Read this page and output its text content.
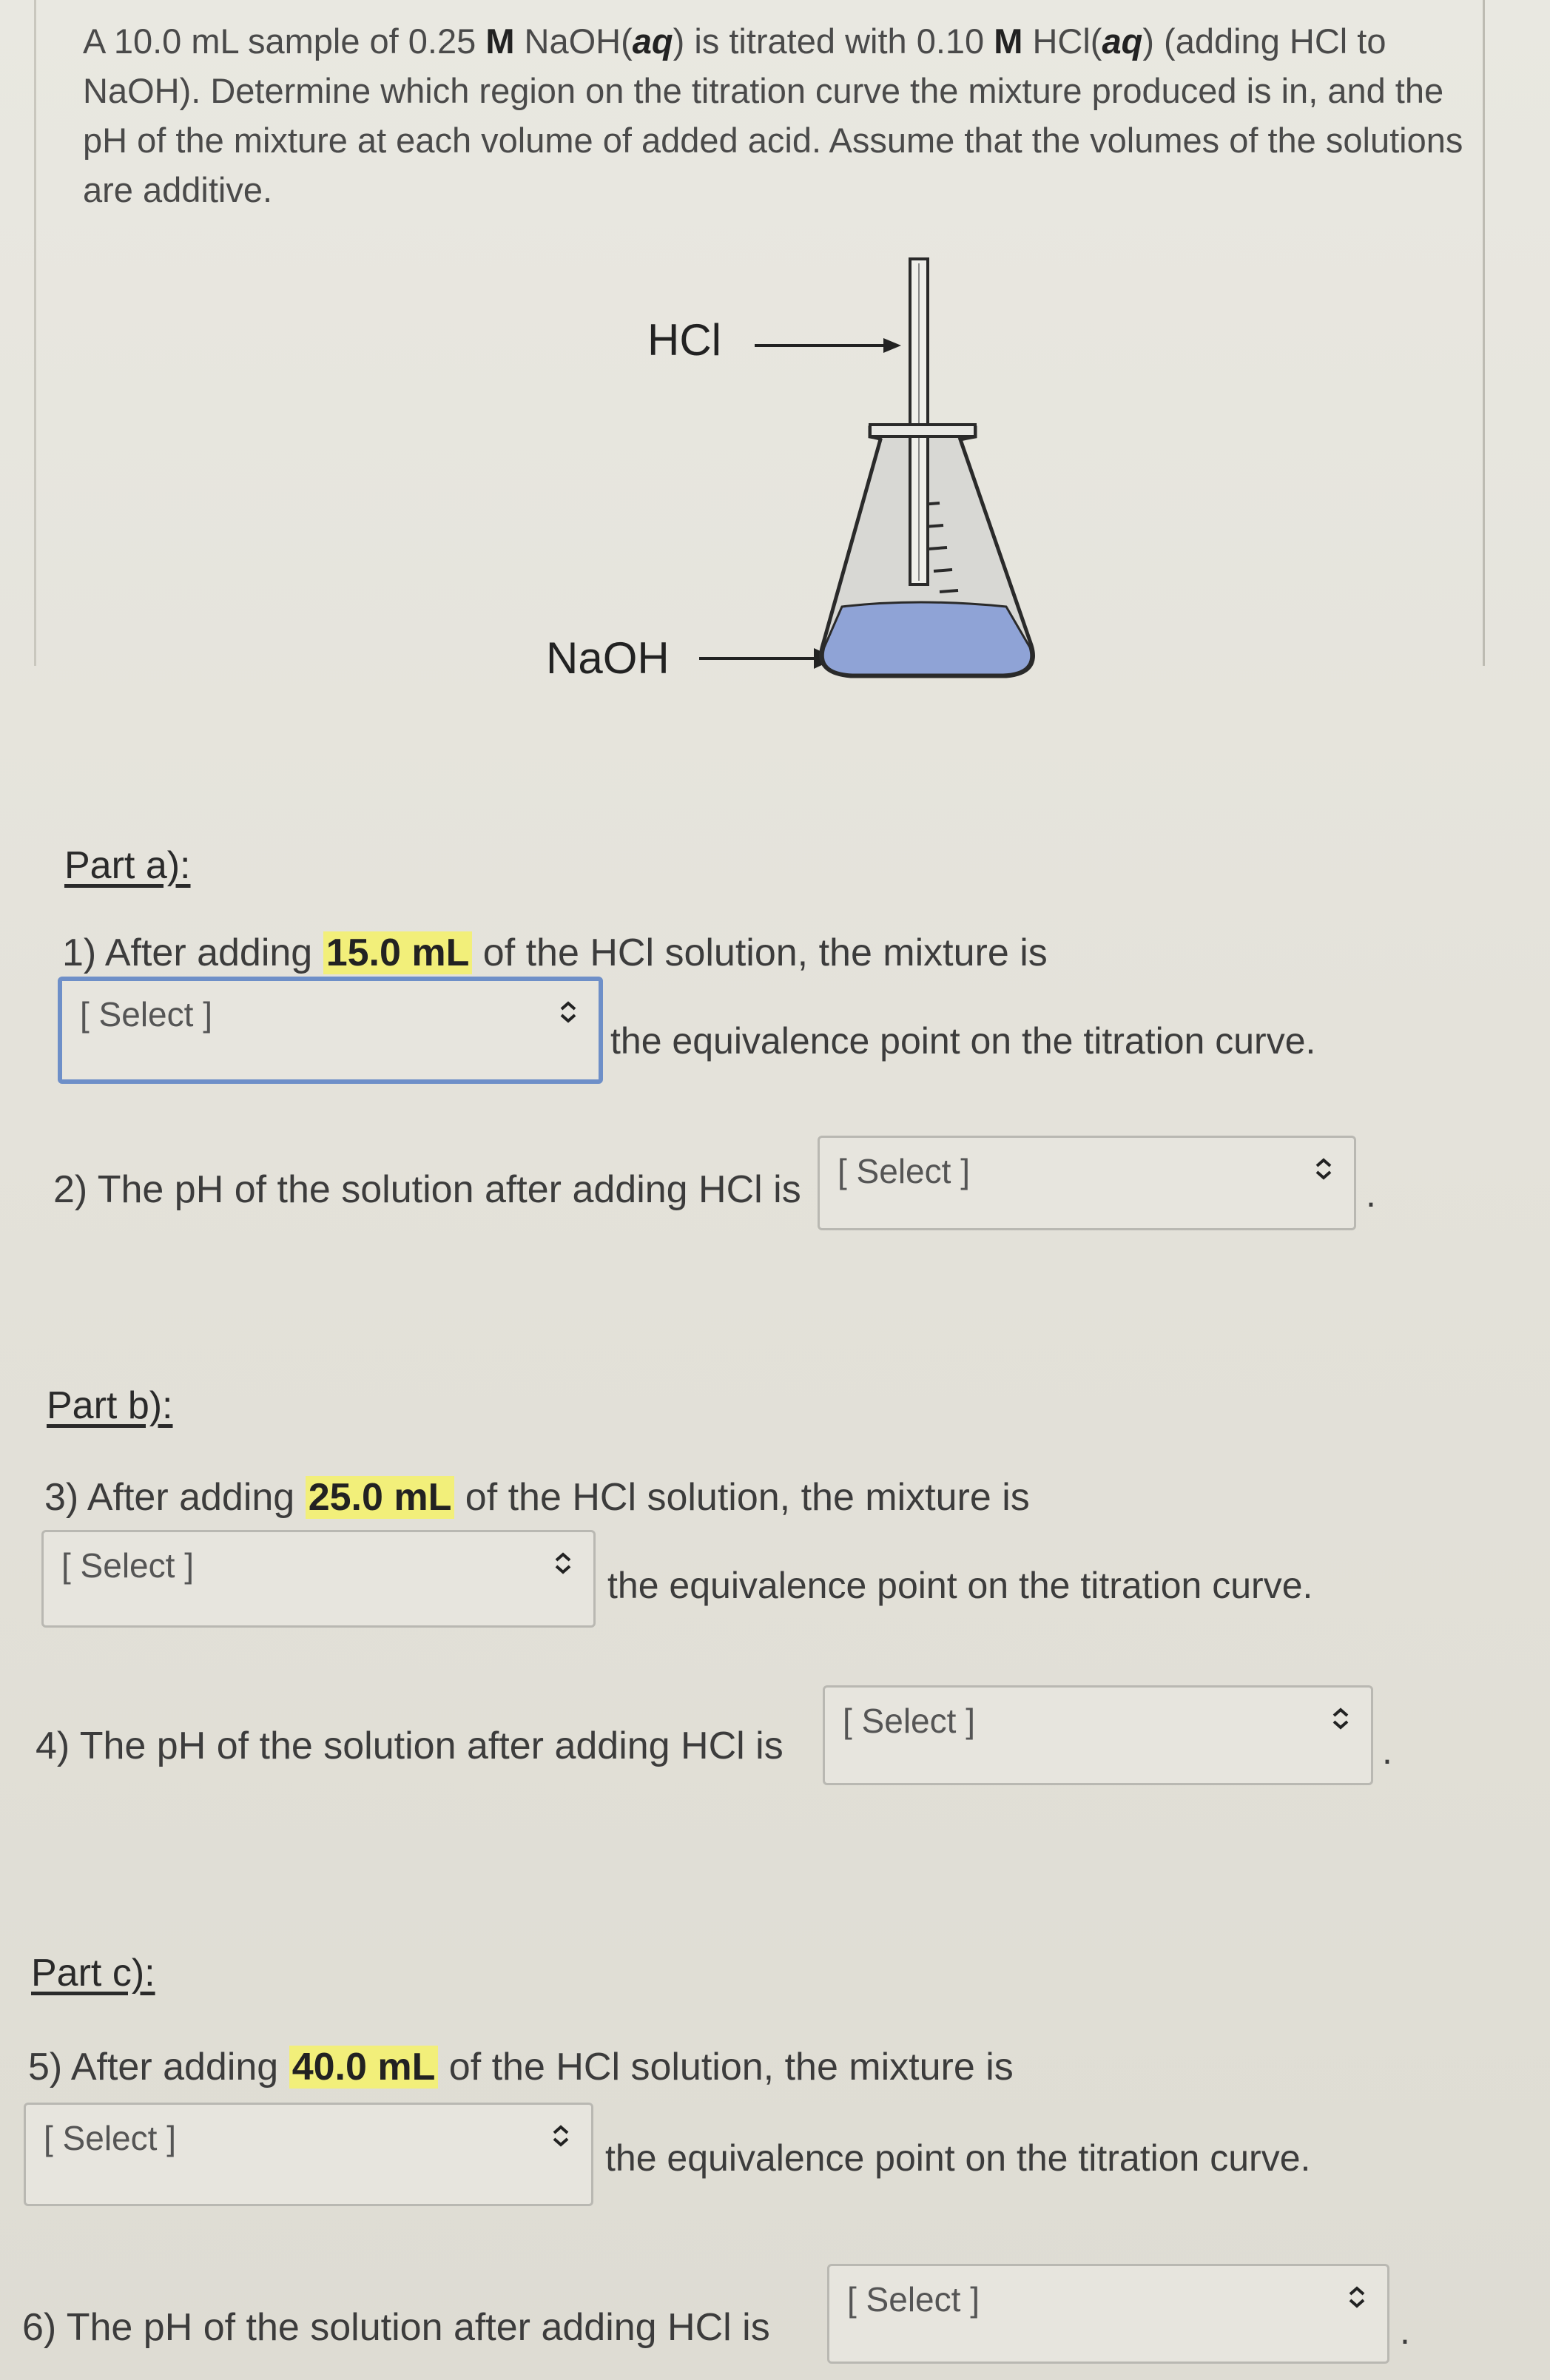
A 10.0 mL sample of 0.25 M NaOH(aq) is titrated with 0.10 M HCl(aq) (adding HCl to NaOH). Determine which region on the titration curve the mixture produced is in, and the pH of the mixture at each volume of added acid. Assume that the volumes of the solutions are additive.
HCl
NaOH
Part a):
1) After adding 15.0 mL of the HCl solution, the mixture is
[ Select ]
the equivalence point on the titration curve.
2) The pH of the solution after adding HCl is [ Select ]
.
Part b):
3) After adding 25.0 mL of the HCl solution, the mixture is
[ Select ]	the equivalence point on the titration curve.
4) The pH of the solution after adding HCl is
[ Select ]
.
Part c):
5) After adding 40.0 mL of the HCl solution, the mixture is
[ Select ]	the equivalence point on the titration curve.
6) The pH of the solution after adding HCl is
[ Select ]
.
